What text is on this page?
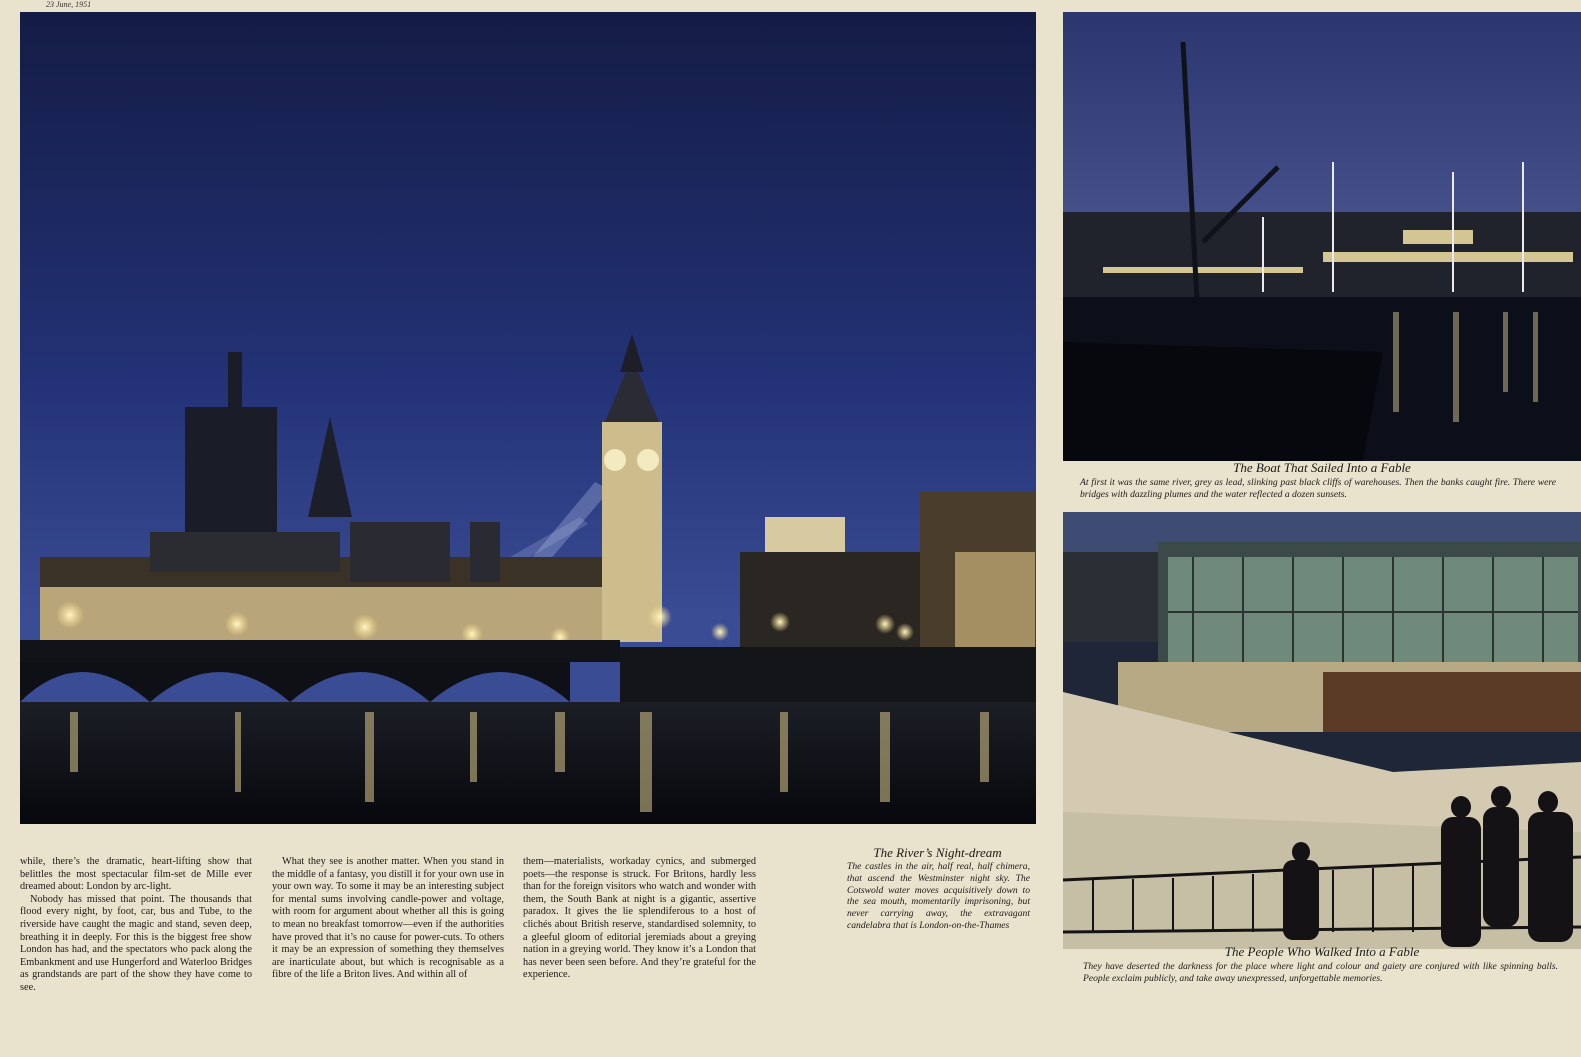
23 June, 1951
The Boat That Sailed Into a Fable
At first it was the same river, grey as lead, slinking past black cliffs of warehouses. Then the banks caught fire. There were bridges with dazzling plumes and the water reflected a dozen sunsets.
The People Who Walked Into a Fable
They have deserted the darkness for the place where light and colour and gaiety are conjured with like spinning balls. People exclaim publicly, and take away unexpressed, unforgettable memories.
The River’s Night-dream
The castles in the air, half real, half chimera, that ascend the Westminster night sky. The Cotswold water moves acquisitively down to the sea mouth, momentarily imprisoning, but never carrying away, the extravagant candelabra that is London-on-the-Thames

while, there’s the dramatic, heart-lifting show that belittles the most spectacular film-set de Mille ever dreamed about: London by arc-light.

Nobody has missed that point. The thousands that flood every night, by foot, car, bus and Tube, to the riverside have caught the magic and stand, seven deep, breathing it in deeply. For this is the biggest free show London has had, and the spectators who pack along the Embankment and use Hungerford and Waterloo Bridges as grandstands are part of the show they have come to see.

What they see is another matter. When you stand in the middle of a fantasy, you distill it for your own use in your own way. To some it may be an interesting subject for mental sums involving candle-power and voltage, with room for argument about whether all this is going to mean no breakfast tomorrow—even if the authorities have proved that it’s no cause for power-cuts. To others it may be an expression of something they themselves are inarticulate about, but which is recognisable as a fibre of the life a Briton lives. And within all of

them—materialists, workaday cynics, and submerged poets—the response is struck. For Britons, hardly less than for the foreign visitors who watch and wonder with them, the South Bank at night is a gigantic, assertive paradox. It gives the lie splendiferous to a host of clichés about British reserve, standardised solemnity, to a gleeful gloom of editorial jeremiads about a greying nation in a greying world. They know it’s a London that has never been seen before. And they’re grateful for the experience.
